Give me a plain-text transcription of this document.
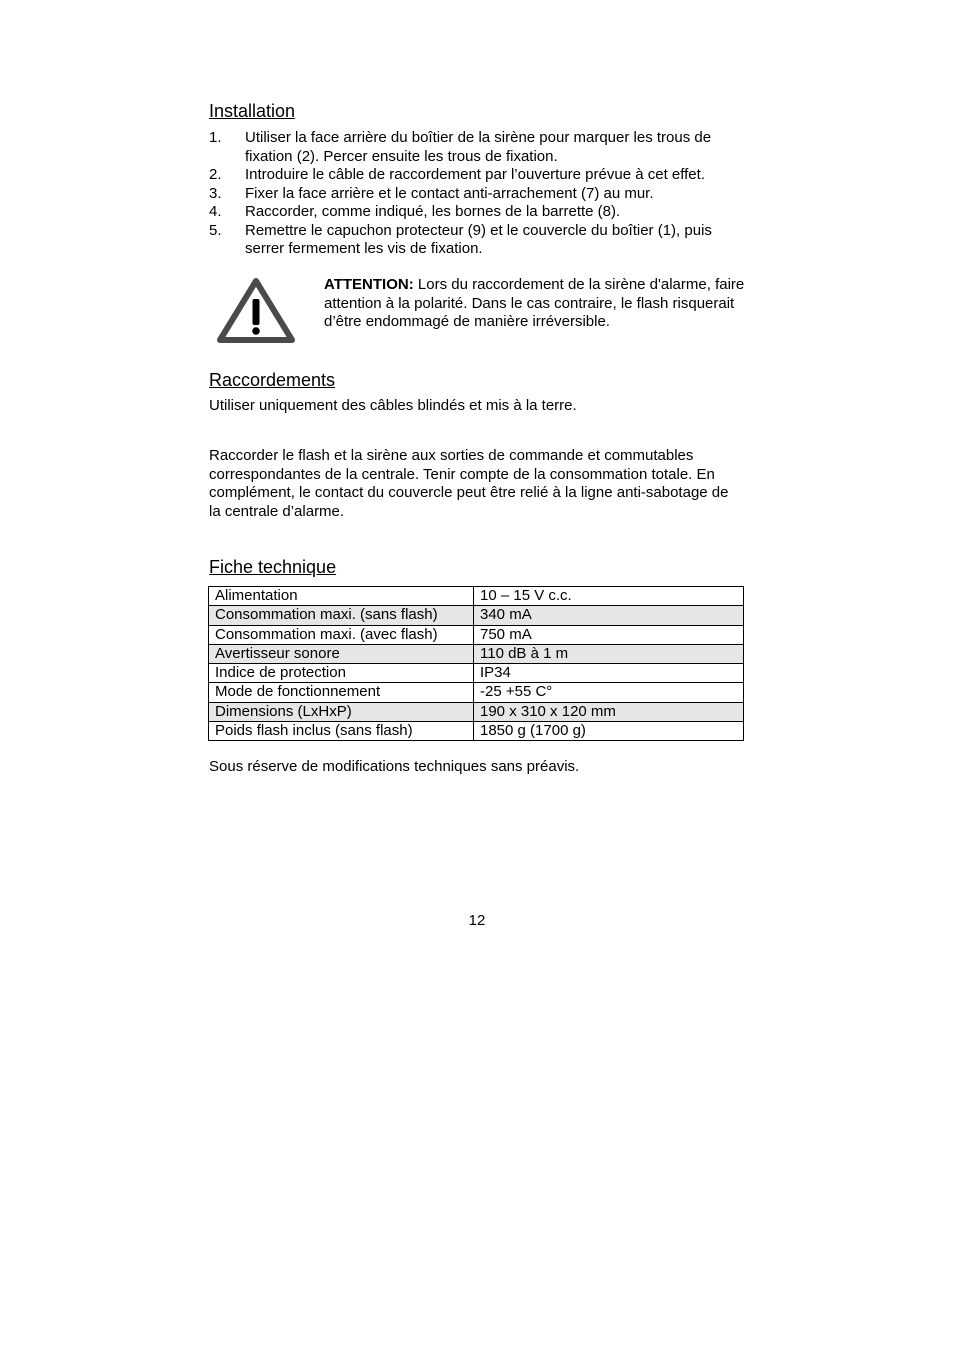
Installation
1. Utiliser la face arrière du boîtier de la sirène pour marquer les trous de fixation (2). Percer ensuite les trous de fixation.
2. Introduire le câble de raccordement par l’ouverture prévue à cet effet.
3. Fixer la face arrière et le contact anti-arrachement (7) au mur.
4. Raccorder, comme indiqué, les bornes de la barrette (8).
5. Remettre le capuchon protecteur (9) et le couvercle du boîtier (1), puis serrer fermement les vis de fixation.
ATTENTION: Lors du raccordement de la sirène d'alarme, faire attention à la polarité. Dans le cas contraire, le flash risquerait d’être endommagé de manière irréversible.
Raccordements
Utiliser uniquement des câbles blindés et mis à la terre.
Raccorder le flash et la sirène aux sorties de commande et commutables correspondantes de la centrale. Tenir compte de la consommation totale. En complément, le contact du couvercle peut être relié à la ligne anti-sabotage de la centrale d’alarme.
Fiche technique
Alimentation	10 – 15 V c.c.
Consommation maxi. (sans flash)	340 mA
Consommation maxi. (avec flash)	750 mA
Avertisseur sonore	110 dB à 1 m
Indice de protection	IP34
Mode de fonctionnement	-25 +55 C°
Dimensions (LxHxP)	190 x 310 x 120 mm
Poids flash inclus (sans flash)	1850 g (1700 g)
Sous réserve de modifications techniques sans préavis.
12
